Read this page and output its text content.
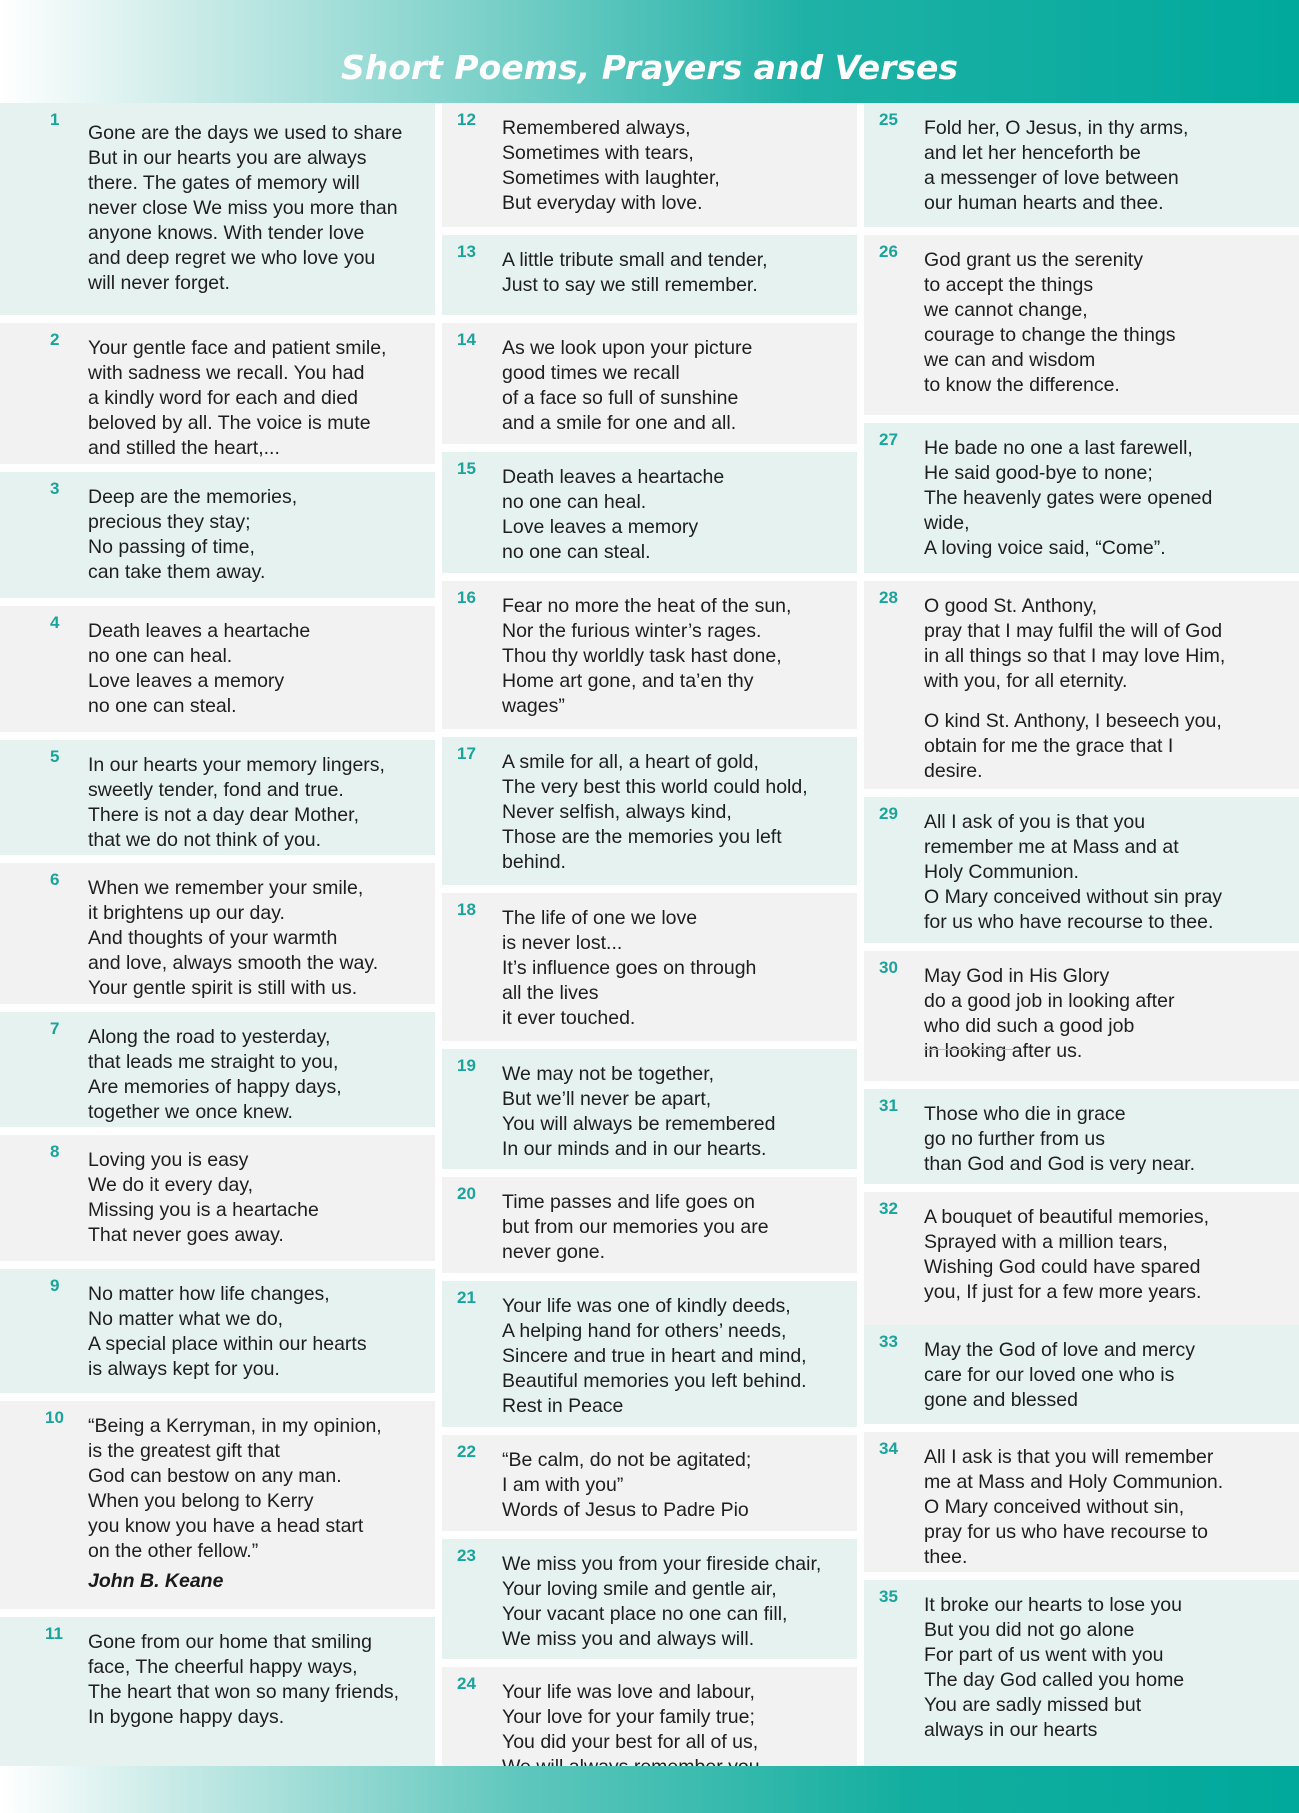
Short Poems, Prayers and Verses
1
Gone are the days we used to share
But in our hearts you are always
there. The gates of memory will
never close We miss you more than
anyone knows. With tender love
and deep regret we who love you
will never forget.
2 Your gentle face and patient smile,
with sadness we recall. You had
a kindly word for each and died
beloved by all. The voice is mute
and stilled the heart,...
3 Deep are the memories,
precious they stay;
No passing of time,
can take them away.
4 Death leaves a heartache
no one can heal.
Love leaves a memory
no one can steal.
5 In our hearts your memory lingers,
sweetly tender, fond and true.
There is not a day dear Mother,
that we do not think of you.
6 When we remember your smile,
it brightens up our day.
And thoughts of your warmth
and love, always smooth the way.
Your gentle spirit is still with us.
7 Along the road to yesterday,
that leads me straight to you,
Are memories of happy days,
together we once knew.
8 Loving you is easy
We do it every day,
Missing you is a heartache
That never goes away.
9 No matter how life changes,
No matter what we do,
A special place within our hearts
is always kept for you.
10 “Being a Kerryman, in my opinion,
is the greatest gift that
God can bestow on any man.
When you belong to Kerry
you know you have a head start
on the other fellow.”
John B. Keane
11 Gone from our home that smiling
face, The cheerful happy ways,
The heart that won so many friends,
In bygone happy days.
12 Remembered always,
Sometimes with tears,
Sometimes with laughter,
But everyday with love.
13 A little tribute small and tender,
Just to say we still remember.
14 As we look upon your picture
good times we recall
of a face so full of sunshine
and a smile for one and all.
15 Death leaves a heartache
no one can heal.
Love leaves a memory
no one can steal.
16 Fear no more the heat of the sun,
Nor the furious winter’s rages.
Thou thy worldly task hast done,
Home art gone, and ta’en thy
wages”
17 A smile for all, a heart of gold,
The very best this world could hold,
Never selfish, always kind,
Those are the memories you left
behind.
18 The life of one we love
is never lost...
It’s influence goes on through
all the lives
it ever touched.
19 We may not be together,
But we’ll never be apart,
You will always be remembered
In our minds and in our hearts.
20 Time passes and life goes on
but from our memories you are
never gone.
21 Your life was one of kindly deeds,
A helping hand for others’ needs,
Sincere and true in heart and mind,
Beautiful memories you left behind.
Rest in Peace
22 “Be calm, do not be agitated;
I am with you”
Words of Jesus to Padre Pio
23 We miss you from your fireside chair,
Your loving smile and gentle air,
Your vacant place no one can fill,
We miss you and always will.
24 Your life was love and labour,
Your love for your family true;
You did your best for all of us,

25 Fold her, O Jesus, in thy arms,
and let her henceforth be
a messenger of love between
our human hearts and thee.
26 God grant us the serenity
to accept the things
we cannot change,
courage to change the things
we can and wisdom
to know the difference.
27 He bade no one a last farewell,
He said good-bye to none;
The heavenly gates were opened
wide,
A loving voice said, “Come”.
28 O good St. Anthony,
pray that I may fulfil the will of God
in all things so that I may love Him,
with you, for all eternity.
O kind St. Anthony, I beseech you,
obtain for me the grace that I
desire.
29 All I ask of you is that you
remember me at Mass and at
Holy Communion.
O Mary conceived without sin pray
for us who have recourse to thee.
30 May God in His Glory
do a good job in looking after
who did such a good job
in looking after us.
31 Those who die in grace
go no further from us
than God and God is very near.
32 A bouquet of beautiful memories,
Sprayed with a million tears,
Wishing God could have spared
you, If just for a few more years.
33 May the God of love and mercy
care for our loved one who is
gone and blessed
34 All I ask is that you will remember
me at Mass and Holy Communion.
O Mary conceived without sin,
pray for us who have recourse to
thee.
35 It broke our hearts to lose you
But you did not go alone
For part of us went with you
The day God called you home
You are sadly missed but
always in our hearts
